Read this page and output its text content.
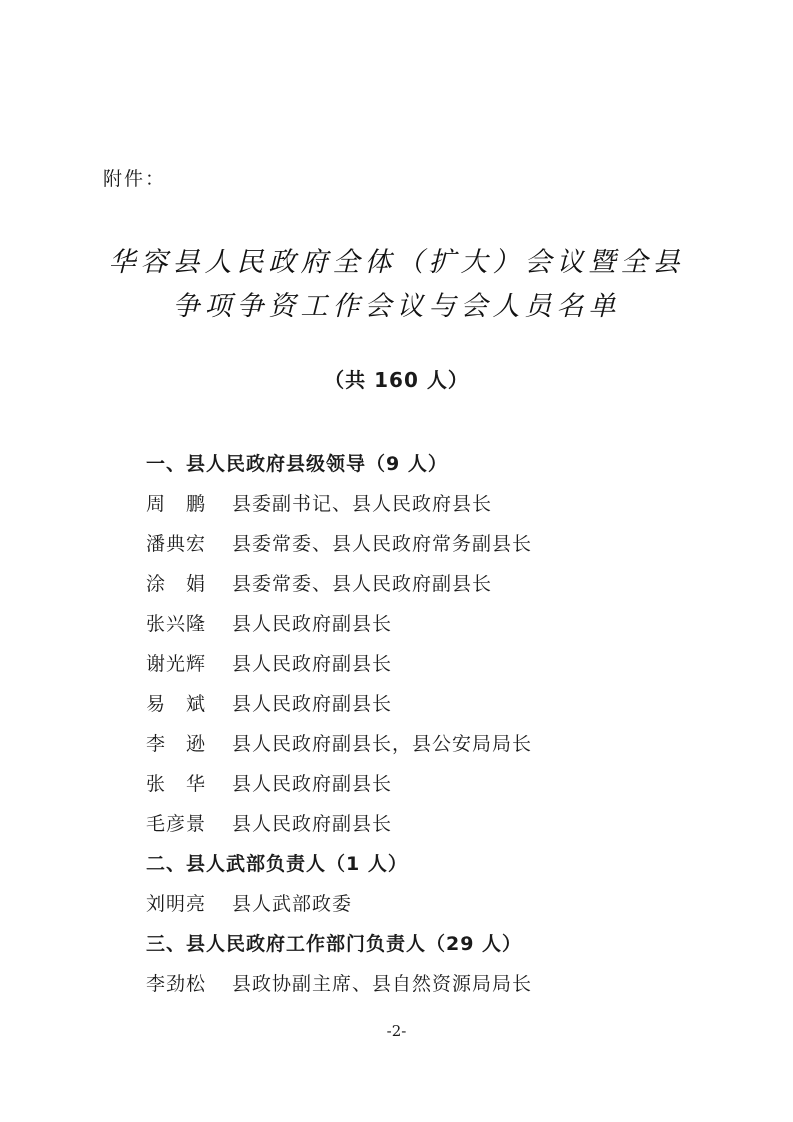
附件：
华容县人民政府全体（扩大）会议暨全县
争项争资工作会议与会人员名单
（共 160 人）
一、县人民政府县级领导（9 人）
周　鹏 县委副书记、县人民政府县长
潘典宏 县委常委、县人民政府常务副县长
涂　娟 县委常委、县人民政府副县长
张兴隆 县人民政府副县长
谢光辉 县人民政府副县长
易　斌 县人民政府副县长
李　逊 县人民政府副县长，县公安局局长
张　华 县人民政府副县长
毛彦景 县人民政府副县长
二、县人武部负责人（1 人）
刘明亮 县人武部政委
三、县人民政府工作部门负责人（29 人）
李劲松 县政协副主席、县自然资源局局长
-2-
